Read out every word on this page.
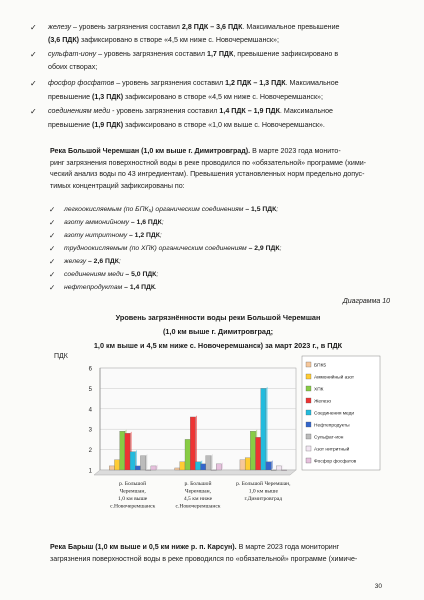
✓ железу – уровень загрязнения составил 2,8 ПДК – 3,6 ПДК. Максимальное превышение
(3,6 ПДК) зафиксировано в створе «4,5 км ниже с. Новочеремшанск»;
✓ сульфат-иону – уровень загрязнения составил 1,7 ПДК, превышение зафиксировано в
обоих створах;
✓ фосфор фосфатов – уровень загрязнения составил 1,2 ПДК – 1,3 ПДК. Максимальное
превышение (1,3 ПДК) зафиксировано в створе «4,5 км ниже с. Новочеремшанск»;
✓ соединениям меди - уровень загрязнения составил 1,4 ПДК – 1,9 ПДК. Максимальное
превышение (1,9 ПДК) зафиксировано в створе «1,0 км выше с. Новочеремшанск».
Река Большой Черемшан (1,0 км выше г. Димитровград). В марте 2023 года монито-
ринг загрязнения поверхностной воды в реке проводился по «обязательной» программе (хими-
ческий анализ воды по 43 ингредиентам). Превышения установленных норм предельно допус-
тимых концентраций зафиксированы по:
✓ легкоокисляемым (по БПК₅) органическим соединениям – 1,5 ПДК;
✓ азоту аммонийному – 1,6 ПДК;
✓ азоту нитритному – 1,2 ПДК;
✓ трудноокисляемым (по ХПК) органическим соединениям – 2,9 ПДК;
✓ железу – 2,6 ПДК;
✓ соединениям меди – 5,0 ПДК;
✓ нефтепродуктам – 1,4 ПДК.
Диаграмма 10
Уровень загрязнённости воды реки Большой Черемшан
(1,0 км выше г. Димитровград;
1,0 км выше и 4,5 км ниже с. Новочеремшанск) за март 2023 г., в ПДК
ПДК
1
2
3
4
5
6
р. Большой
Черемшан,
1,0 км выше
с.Новочеремшанск
р. Большой
Черемшан,
4,5 км ниже
с.Новочеремшанск
р. Большой Черемшан,
1,0 км выше
г.Димитровград
БПК5
Аммонийный азот
ХПК
Железо
Соединения меди
Нефтепродукты
Сульфат-ион
Азот нитритный
Фосфор фосфатов
Река Барыш (1,0 км выше и 0,5 км ниже р. п. Карсун). В марте 2023 года мониторинг
загрязнения поверхностной воды в реке проводился по «обязательной» программе (химиче-
30
